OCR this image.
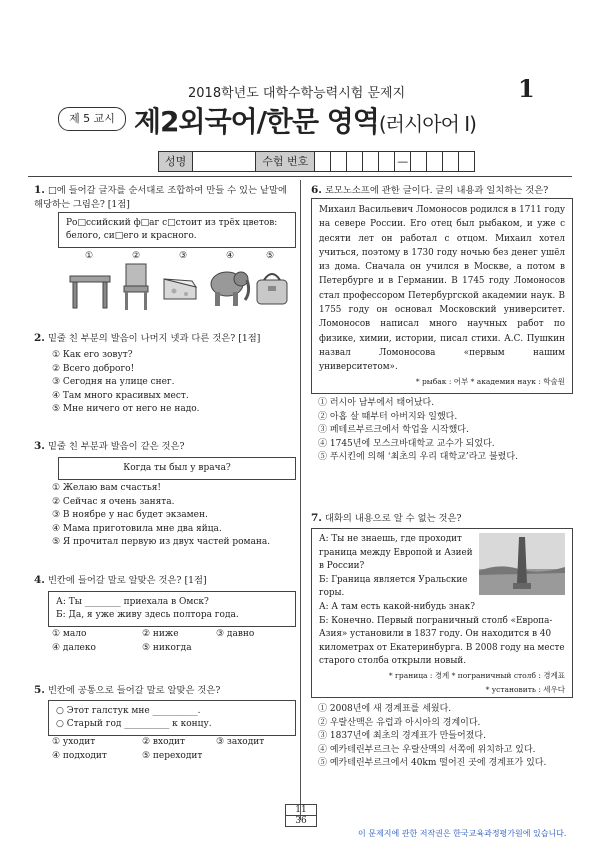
2018학년도 대학수학능력시험 문제지	1
제 5 교시 제2외국어/한문 영역(러시아어 Ⅰ)
성명	수험 번호	—
1. □에 들어갈 글자를 순서대로 조합하여 만들 수 있는 낱말에 해당하는 그림은? [1점]
Ро□ссийский ф□аг с□стоит из трёх цветов: белого, си□его и красного.
①	②	③	④	⑤
2. 밑줄 친 부분의 발음이 나머지 넷과 다른 것은? [1점]
① Как его зовут?
② Всего доброго!
③ Сегодня на улице снег.
④ Там много красивых мест.
⑤ Мне ничего от него не надо.
3. 밑줄 친 부분과 발음이 같은 것은?
Когда ты был у врача?
① Желаю вам счастья!
② Сейчас я очень занята.
③ В ноябре у нас будет экзамен.
④ Мама приготовила мне два яйца.
⑤ Я прочитал первую из двух частей романа.
4. 빈칸에 들어갈 말로 알맞은 것은? [1점]
А: Ты ________ приехала в Омск?
Б: Да, я уже живу здесь полтора года.
① мало	② ниже	③ давно
④ далеко	⑤ никогда
5. 빈칸에 공통으로 들어갈 말로 알맞은 것은?
○ Этот галстук мне __________.
○ Старый год __________ к концу.
① уходит	② входит	③ заходит
④ подходит	⑤ переходит
6. 로모노소프에 관한 글이다. 글의 내용과 일치하는 것은?
Михаил Васильевич Ломоносов родился в 1711 году на севере России. Его отец был рыбаком, и уже с десяти лет он работал с отцом. Михаил хотел учиться, поэтому в 1730 году ночью без денег ушёл из дома. Сначала он учился в Москве, а потом в Петербурге и в Германии. В 1745 году Ломоносов стал профессором Петербургской академии наук. В 1755 году он основал Московский университет. Ломоносов написал много научных работ по физике, химии, истории, писал стихи. А.С. Пушкин назвал Ломоносова «первым нашим университетом».
* рыбак : 어부 * академия наук : 학술원
① 러시아 남부에서 태어났다.
② 아홉 살 때부터 아버지와 일했다.
③ 페테르부르크에서 학업을 시작했다.
④ 1745년에 모스크바대학교 교수가 되었다.
⑤ 푸시킨에 의해 ‘최초의 우리 대학교’라고 불렸다.
7. 대화의 내용으로 알 수 없는 것은?
А: Ты не знаешь, где проходит граница между Европой и Азией в России?
Б: Граница является Уральские горы.
А: А там есть какой-нибудь знак?
Б: Конечно. Первый пограничный столб «Европа-Азия» установили в 1837 году. Он находится в 40 километрах от Екатеринбурга. В 2008 году на месте старого столба открыли новый.
* граница : 경계 * пограничный столб : 경계표
* установить : 세우다
① 2008년에 새 경계표를 세웠다.
② 우랄산맥은 유럽과 아시아의 경계이다.
③ 1837년에 최초의 경계표가 만들어졌다.
④ 예카테린부르크는 우랄산맥의 서쪽에 위치하고 있다.
⑤ 예카테린부르크에서 40km 떨어진 곳에 경계표가 있다.
11
36
이 문제지에 관한 저작권은 한국교육과정평가원에 있습니다.
